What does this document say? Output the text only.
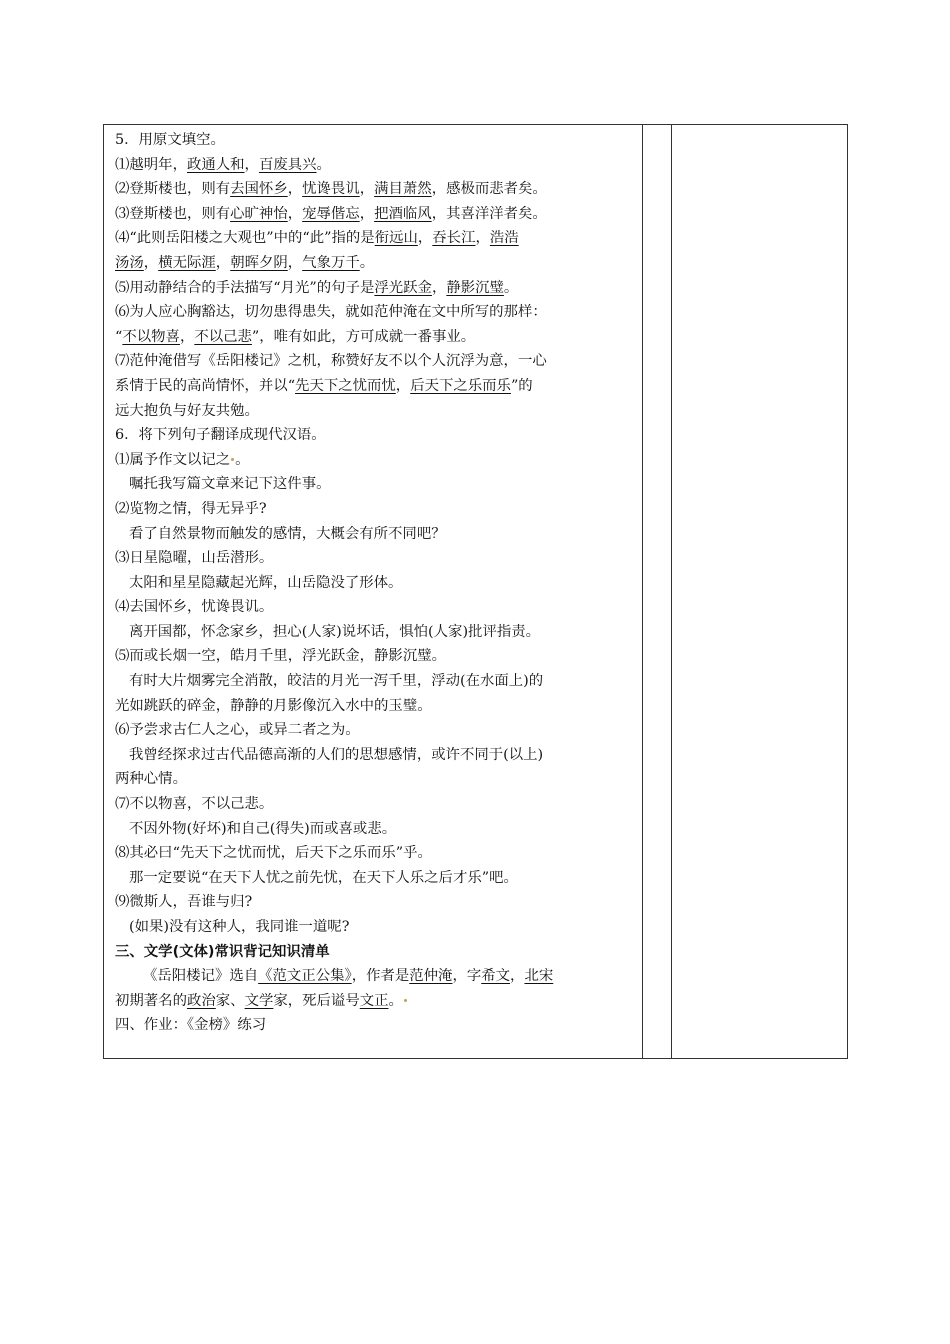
5．用原文填空。
⑴越明年，政通人和，百废具兴。
⑵登斯楼也，则有去国怀乡，忧谗畏讥，满目萧然，感极而悲者矣。
⑶登斯楼也，则有心旷神怡，宠辱偕忘，把酒临风，其喜洋洋者矣。
⑷“此则岳阳楼之大观也”中的“此”指的是衔远山，吞长江，浩浩
汤汤，横无际涯，朝晖夕阴，气象万千。
⑸用动静结合的手法描写“月光”的句子是浮光跃金，静影沉璧。
⑹为人应心胸豁达，切勿患得患失，就如范仲淹在文中所写的那样：
“不以物喜，不以己悲”，唯有如此，方可成就一番事业。
⑺范仲淹借写《岳阳楼记》之机，称赞好友不以个人沉浮为意，一心
系情于民的高尚情怀，并以“先天下之忧而忧，后天下之乐而乐”的
远大抱负与好友共勉。
6．将下列句子翻译成现代汉语。
⑴属予作文以记之 。
嘱托我写篇文章来记下这件事。
⑵览物之情，得无异乎?
看了自然景物而触发的感情，大概会有所不同吧？
⑶日星隐曜，山岳潜形。
太阳和星星隐藏起光辉，山岳隐没了形体。
⑷去国怀乡，忧谗畏讥。
离开国都，怀念家乡，担心(人家)说坏话，惧怕(人家)批评指责。
⑸而或长烟一空，皓月千里，浮光跃金，静影沉璧。
有时大片烟雾完全消散，皎洁的月光一泻千里，浮动(在水面上)的
光如跳跃的碎金，静静的月影像沉入水中的玉璧。
⑹予尝求古仁人之心，或异二者之为。
我曾经探求过古代品德高渐的人们的思想感情，或许不同于(以上)
两种心情。
⑺不以物喜，不以己悲。
不因外物(好坏)和自己(得失)而或喜或悲。
⑻其必曰“先天下之忧而忧，后天下之乐而乐”乎。
那一定要说“在天下人忧之前先忧，在天下人乐之后才乐”吧。
⑼微斯人，吾谁与归?
(如果)没有这种人，我同谁一道呢?
三、文学(文体)常识背记知识清单
《岳阳楼记》选自《范文正公集》，作者是范仲淹，字希文，北宋
初期著名的政治家、文学家，死后谥号文正。
四、作业：《金榜》练习
